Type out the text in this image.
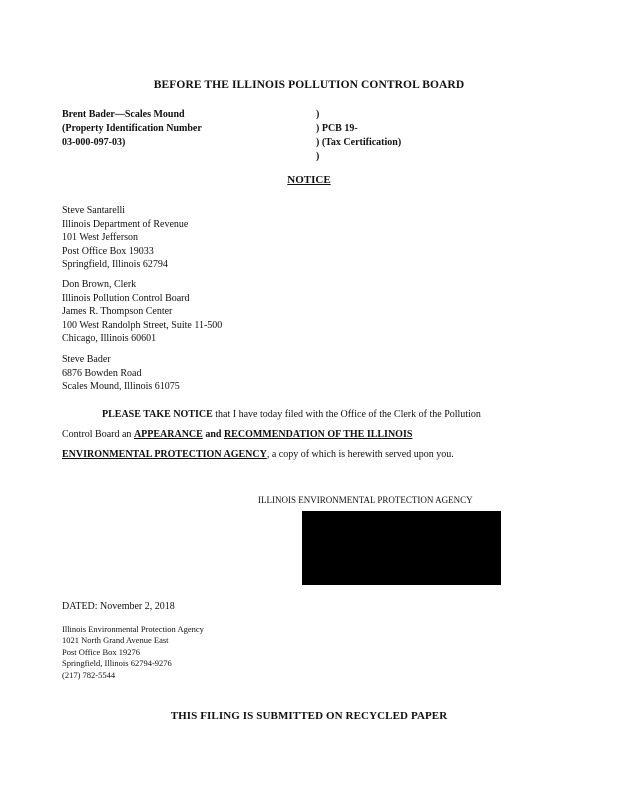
BEFORE THE ILLINOIS POLLUTION CONTROL BOARD
Brent Bader—Scales Mound
(Property Identification Number
03-000-097-03)
)
) PCB 19-
) (Tax Certification)
)
NOTICE
Steve Santarelli
Illinois Department of Revenue
101 West Jefferson
Post Office Box 19033
Springfield, Illinois 62794
Don Brown, Clerk
Illinois Pollution Control Board
James R. Thompson Center
100 West Randolph Street, Suite 11-500
Chicago, Illinois 60601
Steve Bader
6876 Bowden Road
Scales Mound, Illinois 61075
PLEASE TAKE NOTICE that I have today filed with the Office of the Clerk of the Pollution
Control Board an APPEARANCE and RECOMMENDATION OF THE ILLINOIS
ENVIRONMENTAL PROTECTION AGENCY, a copy of which is herewith served upon you.
ILLINOIS ENVIRONMENTAL PROTECTION AGENCY
DATED: November 2, 2018
Illinois Environmental Protection Agency
1021 North Grand Avenue East
Post Office Box 19276
Springfield, Illinois 62794-9276
(217) 782-5544
THIS FILING IS SUBMITTED ON RECYCLED PAPER
